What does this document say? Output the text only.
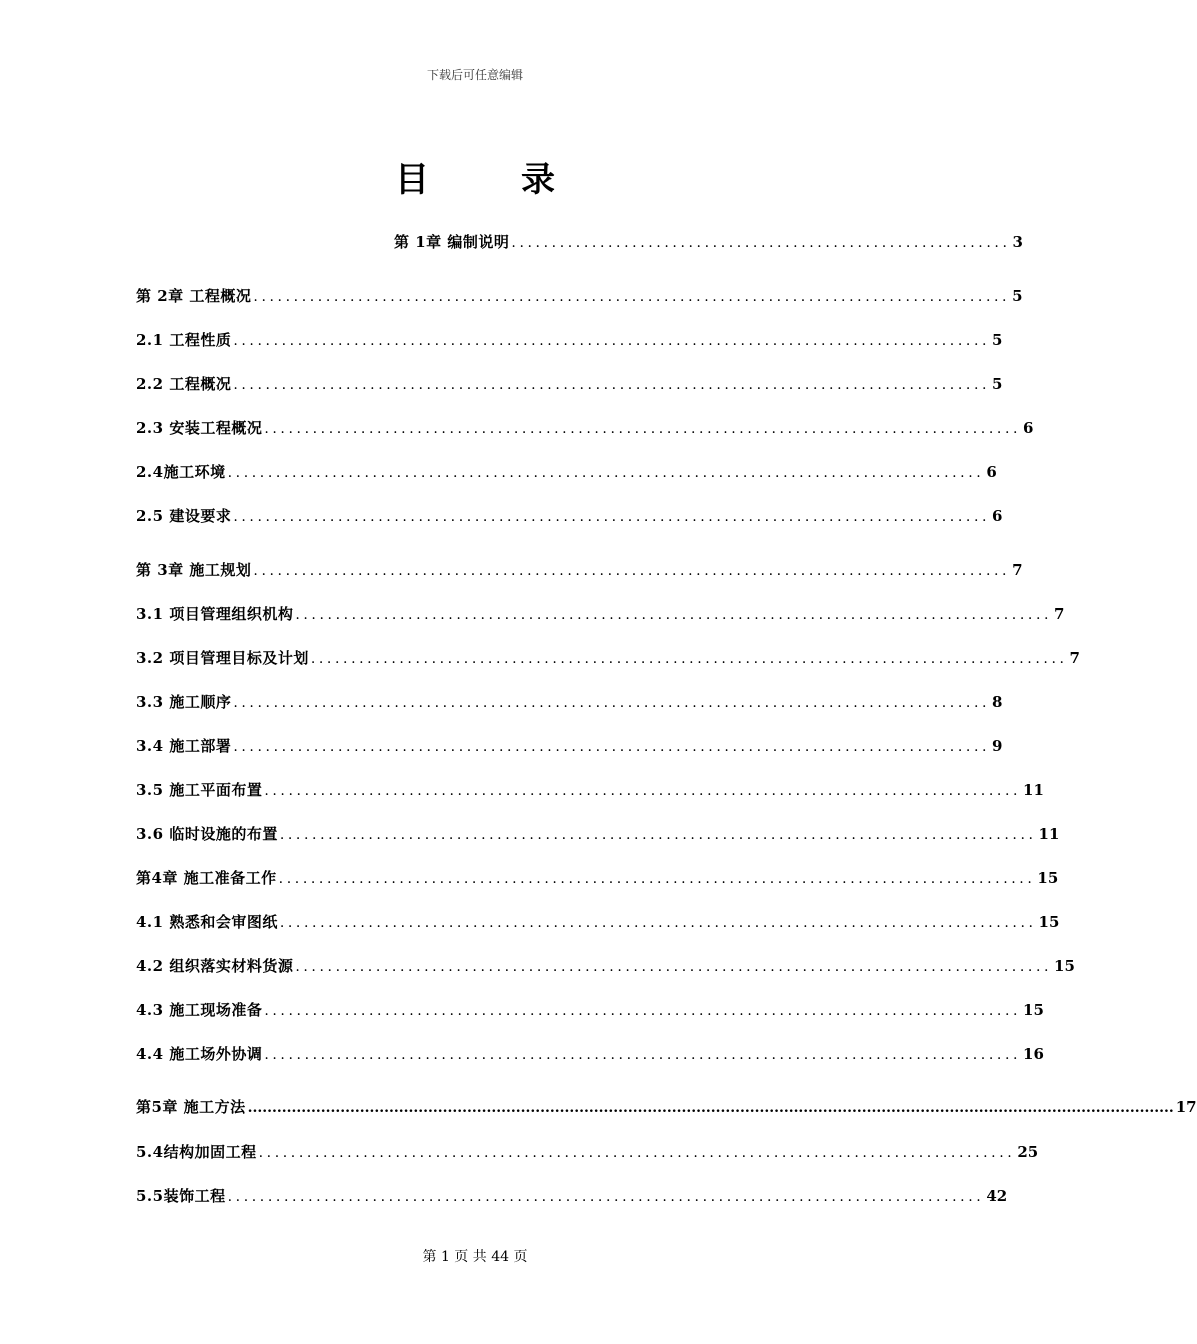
下载后可任意编辑
目	录
第 1章 编制说明 .............................................................. 3
第 2章 工程概况 .............................................................................................. 5
2.1 工程性质 .............................................................................................. 5
2.2 工程概况 .............................................................................................. 5
2.3 安装工程概况 .............................................................................................. 6
2.4施工环境 .............................................................................................. 6
2.5 建设要求 .............................................................................................. 6
第 3章 施工规划 .............................................................................................. 7
3.1 项目管理组织机构 .............................................................................................. 7
3.2 项目管理目标及计划 .............................................................................................. 7
3.3 施工顺序 .............................................................................................. 8
3.4 施工部署 .............................................................................................. 9
3.5 施工平面布置 .............................................................................................. 11
3.6 临时设施的布置 .............................................................................................. 11
第4章 施工准备工作 .............................................................................................. 15
4.1 熟悉和会审图纸 .............................................................................................. 15
4.2 组织落实材料货源 .............................................................................................. 15
4.3 施工现场准备 .............................................................................................. 15
4.4 施工场外协调 .............................................................................................. 16
第5章 施工方法 .............................................................................................................................................................................................. 17
5.4结构加固工程 .............................................................................................. 25
5.5装饰工程 .............................................................................................. 42
第 1 页 共 44 页
